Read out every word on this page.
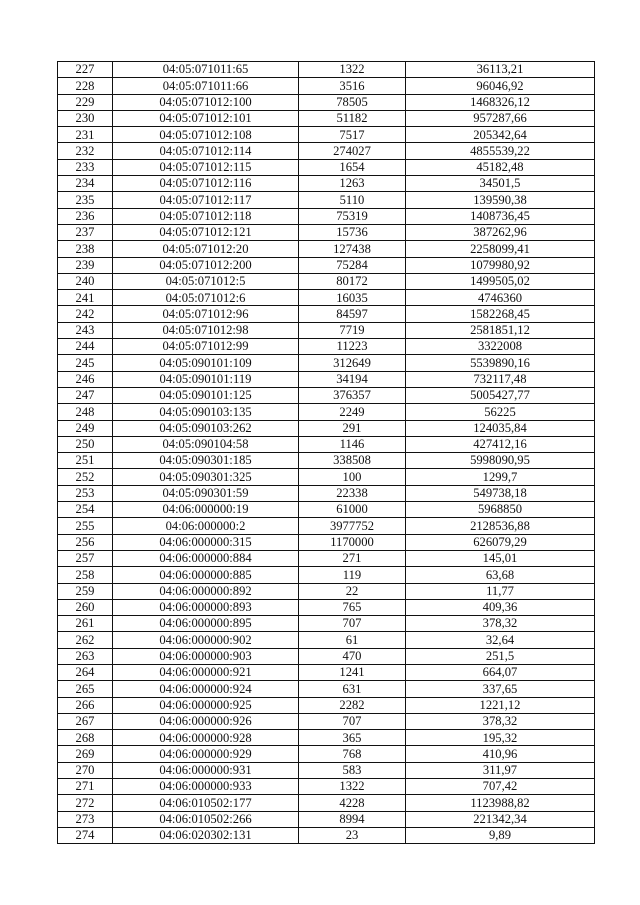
227	04:05:071011:65	1322	36113,21
228	04:05:071011:66	3516	96046,92
229	04:05:071012:100	78505	1468326,12
230	04:05:071012:101	51182	957287,66
231	04:05:071012:108	7517	205342,64
232	04:05:071012:114	274027	4855539,22
233	04:05:071012:115	1654	45182,48
234	04:05:071012:116	1263	34501,5
235	04:05:071012:117	5110	139590,38
236	04:05:071012:118	75319	1408736,45
237	04:05:071012:121	15736	387262,96
238	04:05:071012:20	127438	2258099,41
239	04:05:071012:200	75284	1079980,92
240	04:05:071012:5	80172	1499505,02
241	04:05:071012:6	16035	4746360
242	04:05:071012:96	84597	1582268,45
243	04:05:071012:98	7719	2581851,12
244	04:05:071012:99	11223	3322008
245	04:05:090101:109	312649	5539890,16
246	04:05:090101:119	34194	732117,48
247	04:05:090101:125	376357	5005427,77
248	04:05:090103:135	2249	56225
249	04:05:090103:262	291	124035,84
250	04:05:090104:58	1146	427412,16
251	04:05:090301:185	338508	5998090,95
252	04:05:090301:325	100	1299,7
253	04:05:090301:59	22338	549738,18
254	04:06:000000:19	61000	5968850
255	04:06:000000:2	3977752	2128536,88
256	04:06:000000:315	1170000	626079,29
257	04:06:000000:884	271	145,01
258	04:06:000000:885	119	63,68
259	04:06:000000:892	22	11,77
260	04:06:000000:893	765	409,36
261	04:06:000000:895	707	378,32
262	04:06:000000:902	61	32,64
263	04:06:000000:903	470	251,5
264	04:06:000000:921	1241	664,07
265	04:06:000000:924	631	337,65
266	04:06:000000:925	2282	1221,12
267	04:06:000000:926	707	378,32
268	04:06:000000:928	365	195,32
269	04:06:000000:929	768	410,96
270	04:06:000000:931	583	311,97
271	04:06:000000:933	1322	707,42
272	04:06:010502:177	4228	1123988,82
273	04:06:010502:266	8994	221342,34
274	04:06:020302:131	23	9,89
